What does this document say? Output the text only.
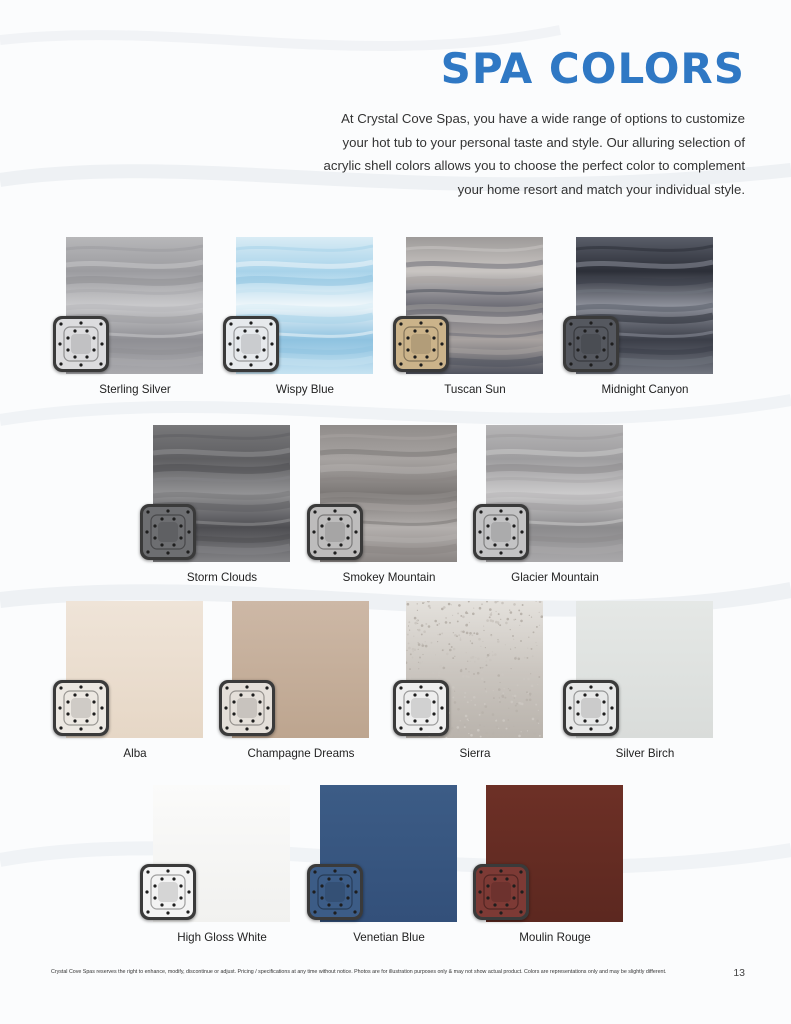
SPA COLORS

At Crystal Cove Spas, you have a wide range of options to customize your hot tub to your personal taste and style. Our alluring selection of acrylic shell colors allows you to choose the perfect color to complement your home resort and match your individual style.

Sterling Silver	Wispy Blue	Tuscan Sun	Midnight Canyon
Storm Clouds	Smokey Mountain	Glacier Mountain
Alba	Champagne Dreams	Sierra	Silver Birch
High Gloss White	Venetian Blue	Moulin Rouge

Crystal Cove Spas reserves the right to enhance, modify, discontinue or adjust. Pricing / specifications at any time without notice. Photos are for illustration purposes only & may not show actual product. Colors are representations only and may be slightly different.	13
